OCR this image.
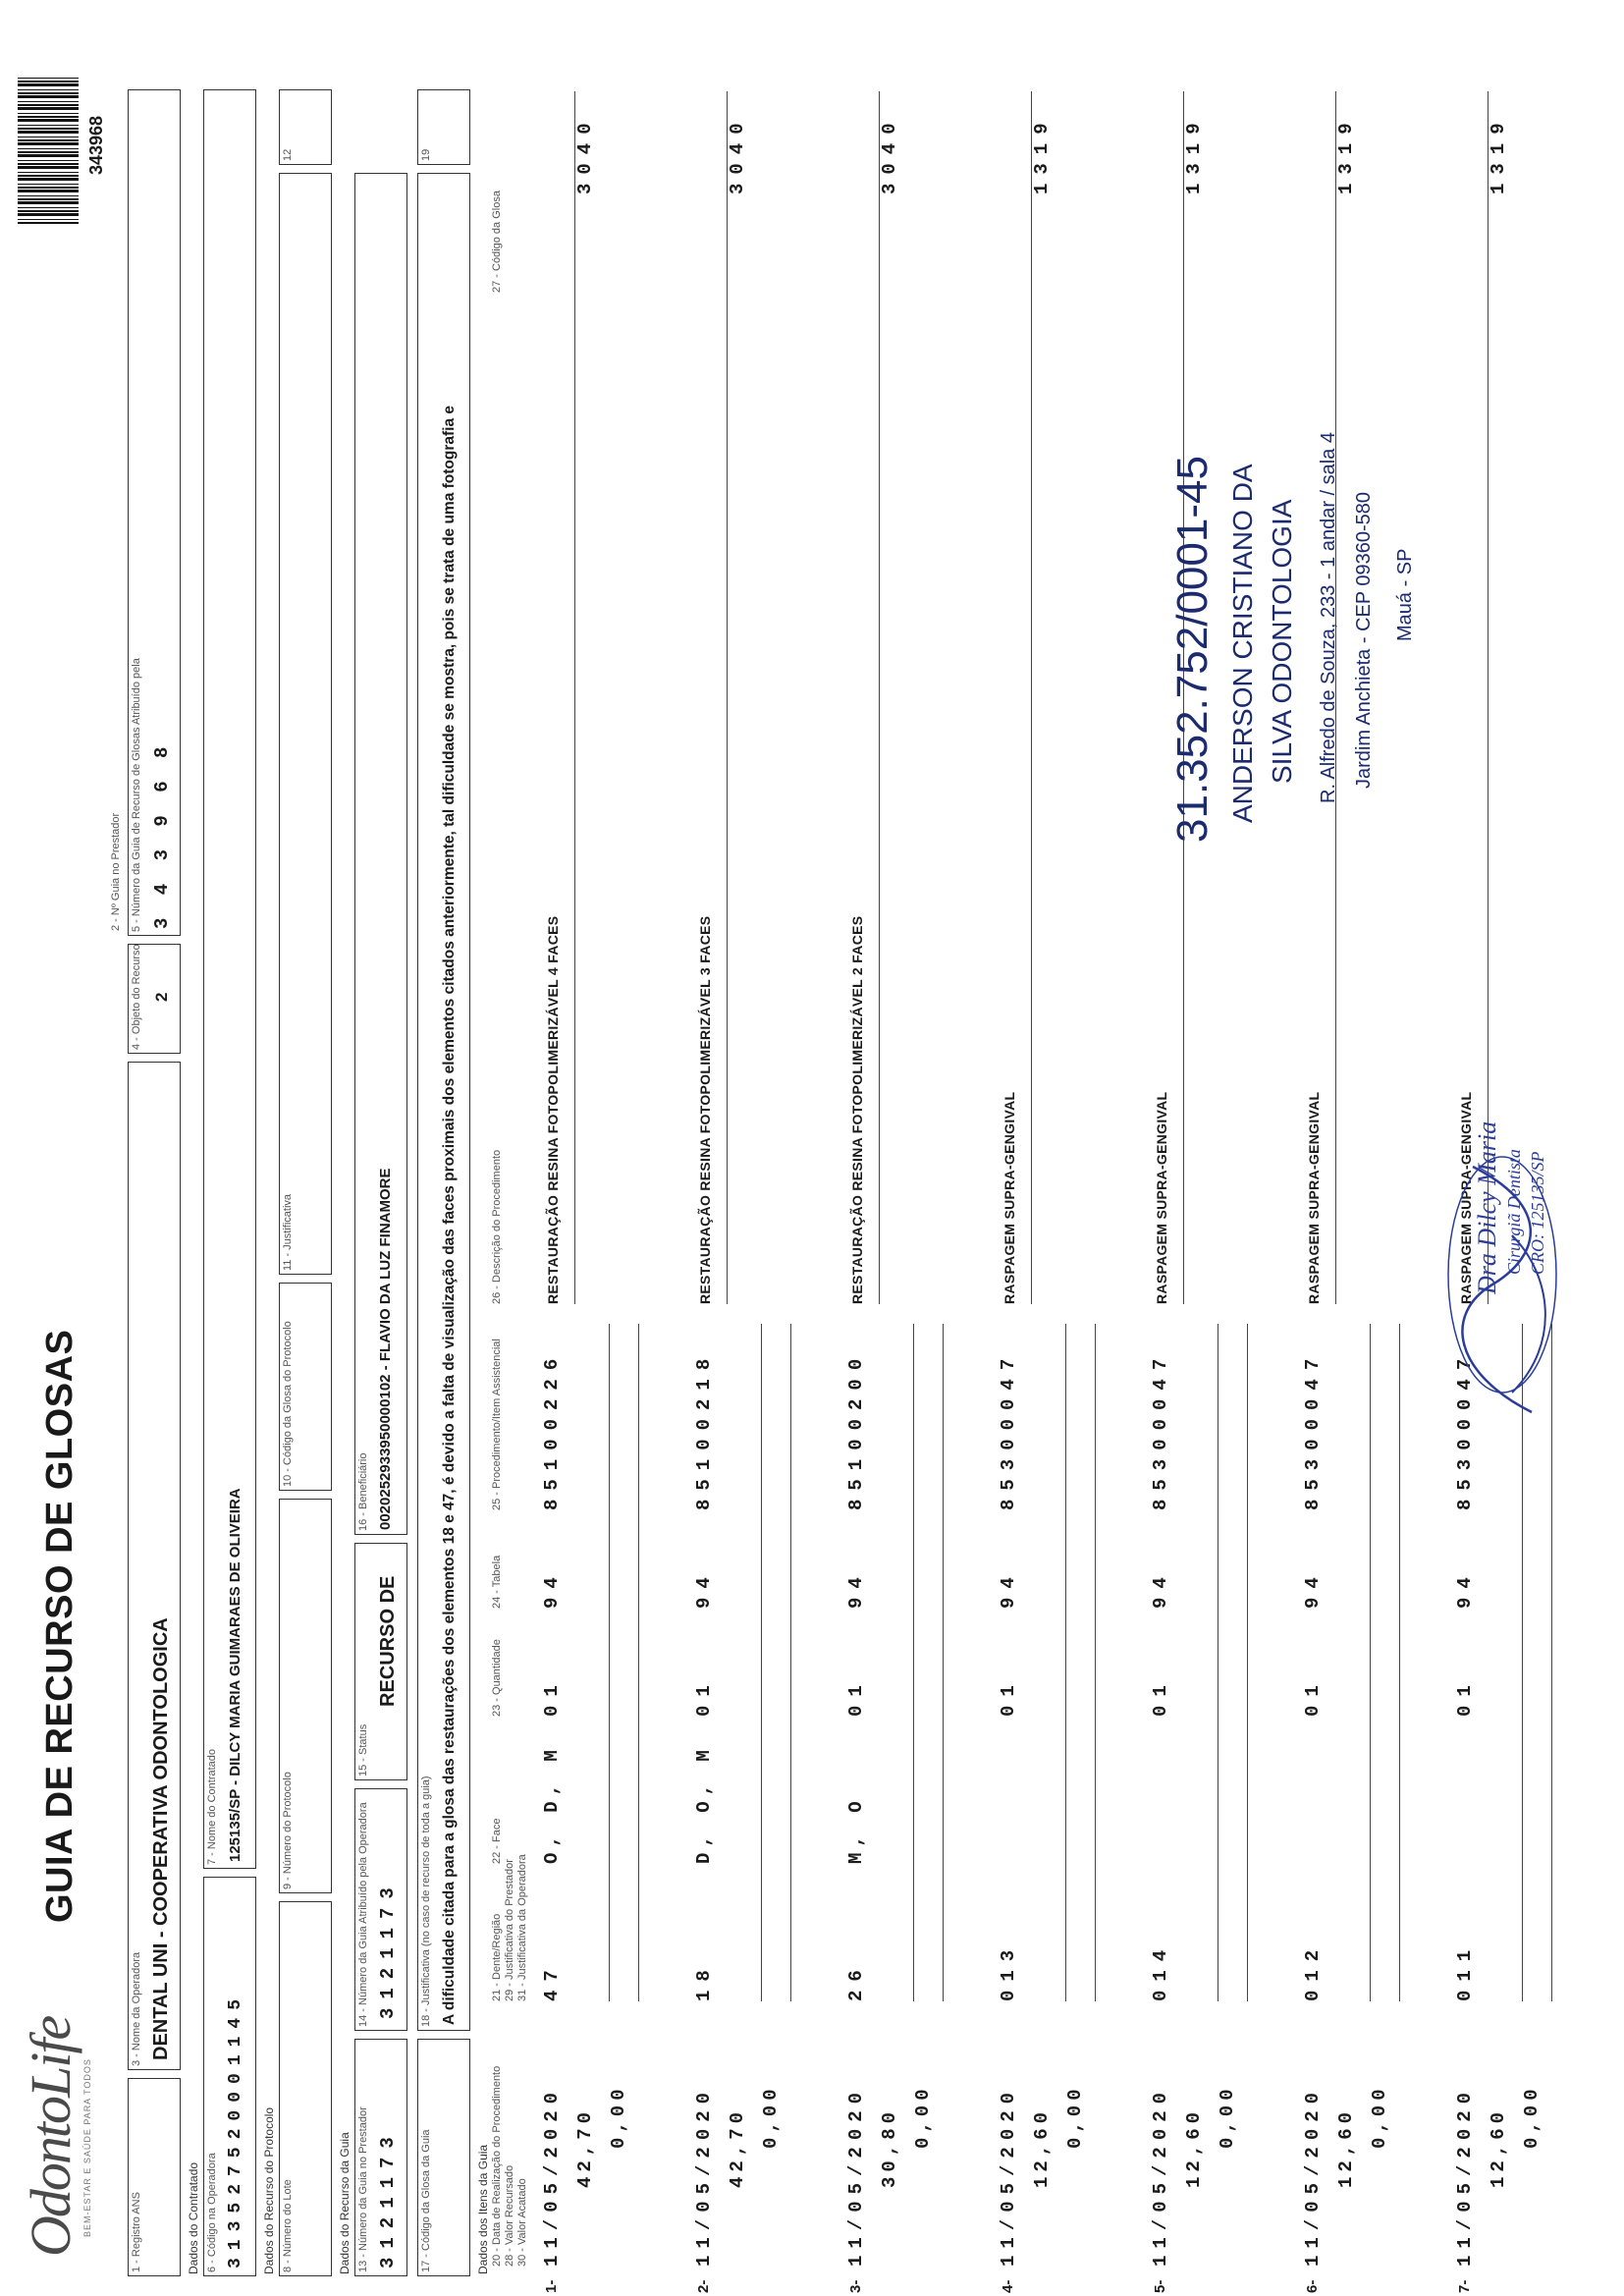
OdontoLife BEM-ESTAR E SAÚDE PARA TODOS
GUIA DE RECURSO DE GLOSAS
343968
1 - Registro ANS
3 - Nome da Operadora DENTAL UNI - COOPERATIVA ODONTOLOGICA
4 - Objeto do Recurso 2
2 - Nº Guia no Prestador 5 - Número da Guia de Recurso de Glosas Atribuído pela 3 4 3 9 6 8
Dados do Contratado 6 - Código na Operadora 313527520001145
7 - Nome do Contratado 125135/SP - DILCY MARIA GUIMARAES DE OLIVEIRA
Dados do Recurso do Protocolo 8 - Número do Lote
9 - Número do Protocolo
10 - Código da Glosa do Protocolo
11 - Justificativa
12
Dados do Recurso da Guia 13 - Número da Guia no Prestador 3121173
14 - Número da Guia Atribuído pela Operadora 3121173
15 - Status
RECURSO DE
16 - Beneficiário 0020252933950000102 - FLAVIO DA LUZ FINAMORE
17 - Código da Glosa da Guia
18 - Justificativa (no caso de recurso de toda a guia) A dificuldade citada para a glosa das restaurações dos elementos 18 e 47, é devido a falta de visualização das faces proximais dos elementos citados anteriormente, tal dificuldade se mostra, pois se trata de uma fotografia e
19
Dados dos Itens da Guia 20 - Data de Realização do Procedimento 28 - Valor Recursado 30 - Valor Acatado
21 - Dente/Região 29 - Justificativa do Prestador 31 - Justificativa da Operadora
22 - Face
23 - Quantidade
24 - Tabela
25 - Procedimento/Item Assistencial
26 - Descrição do Procedimento
27 - Código da Glosa
1-
11/05/2020
47
O, D, M
01
94
85100226
RESTAURAÇÃO RESINA FOTOPOLIMERIZÁVEL 4 FACES
3040
42,70 0,00
2-
11/05/2020
18
D, O, M
01
94
85100218
RESTAURAÇÃO RESINA FOTOPOLIMERIZÁVEL 3 FACES
3040
42,70 0,00
3-
11/05/2020
26
M, O
01
94
85100200
RESTAURAÇÃO RESINA FOTOPOLIMERIZÁVEL 2 FACES
3040
30,80 0,00
4-
11/05/2020
013
01
94
85300047
RASPAGEM SUPRA-GENGIVAL
1319
12,60 0,00
5-
11/05/2020
014
01
94
85300047
RASPAGEM SUPRA-GENGIVAL
1319
12,60 0,00
6-
11/05/2020
012
01
94
85300047
RASPAGEM SUPRA-GENGIVAL
1319
12,60 0,00
7-
11/05/2020
011
01
94
85300047
RASPAGEM SUPRA-GENGIVAL
1319
12,60 0,00
31.352.752/0001-45 ANDERSON CRISTIANO DA SILVA ODONTOLOGIA R. Alfredo de Souza, 233 - 1 andar / sala 4 Jardim Anchieta - CEP 09360-580 Mauá - SP
Dra Dilcy Maria Cirurgiã Dentista CRO: 125135/SP
